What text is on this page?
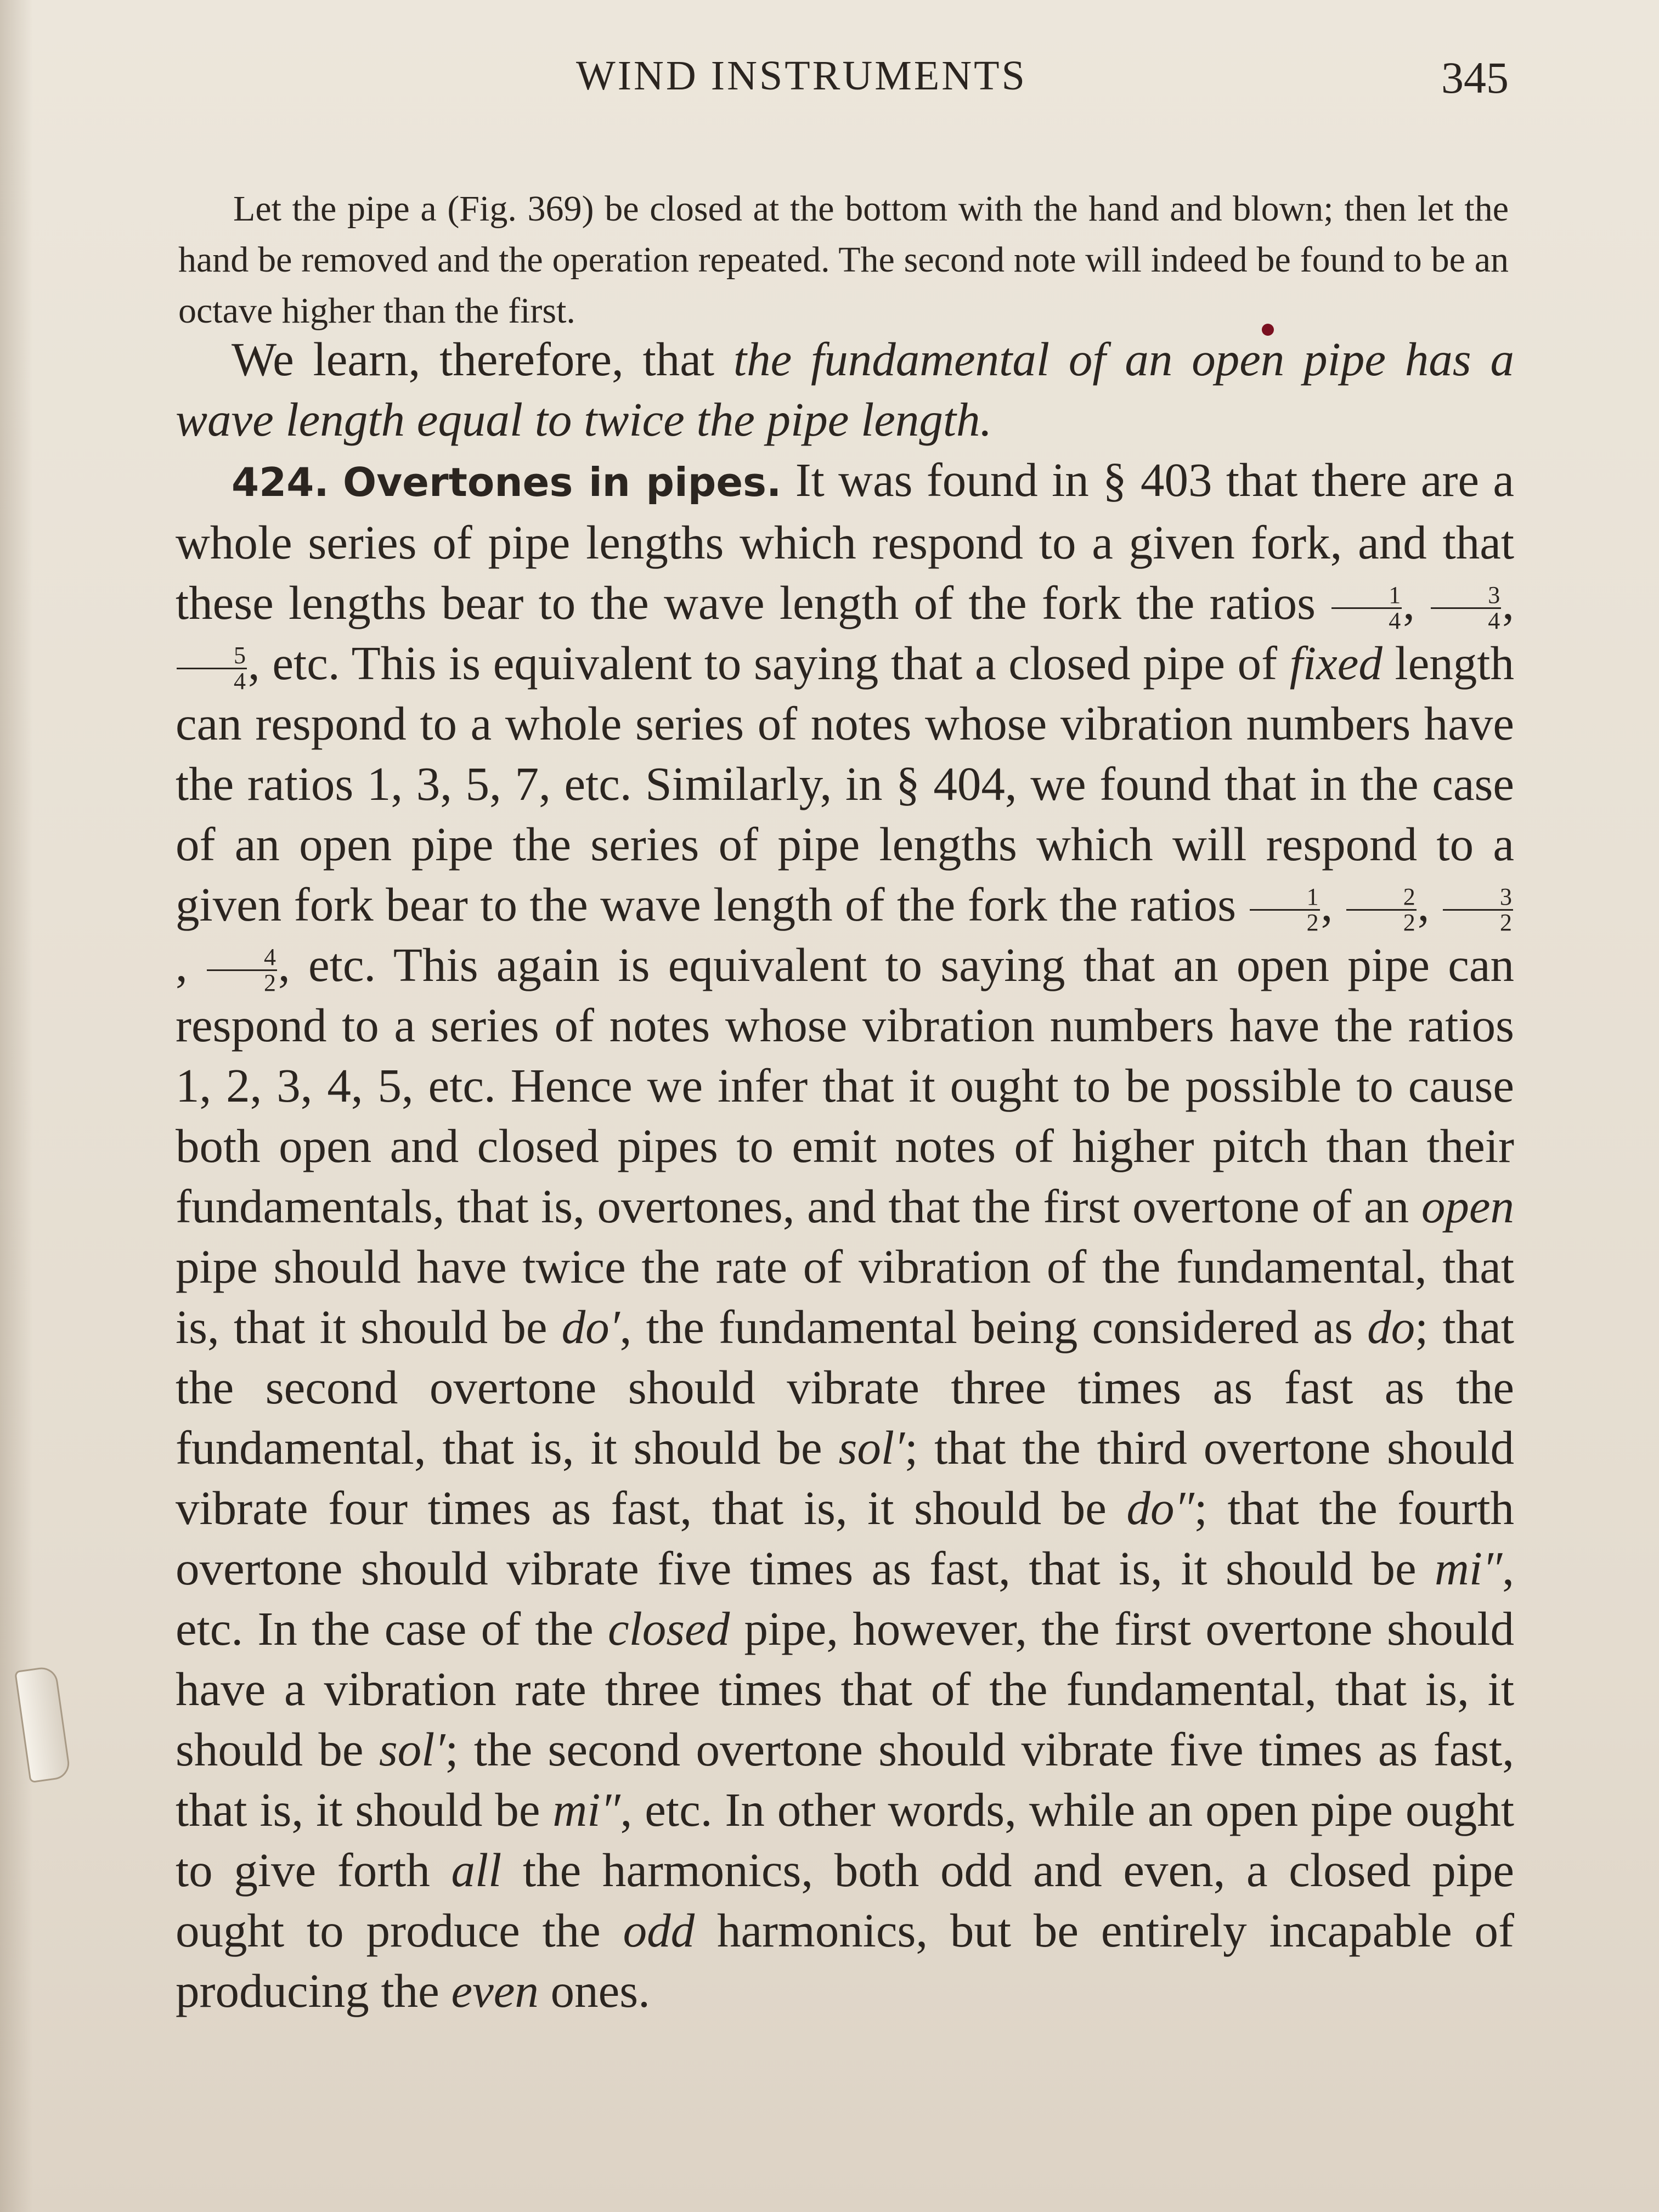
WIND INSTRUMENTS	345

Let the pipe a (Fig. 369) be closed at the bottom with the hand and blown; then let the hand be removed and the operation repeated. The second note will indeed be found to be an octave higher than the first.

We learn, therefore, that the fundamental of an open pipe has a wave length equal to twice the pipe length.

424. Overtones in pipes. It was found in § 403 that there are a whole series of pipe lengths which respond to a given fork, and that these lengths bear to the wave length of the fork the ratios $\frac{1}{4}$ , $\frac{3}{4}$ ,
$\frac{5}{4}$ , etc. This is equivalent to saying that a closed pipe of fixed length can respond to a whole series of notes whose vibration numbers have the ratios 1, 3, 5, 7, etc. Similarly, in § 404, we found that in the case of an open pipe the series of pipe lengths which will respond to a given fork bear to the wave length of the fork the ratios $\frac{1}{2}$ , $\frac{2}{2}$ , $\frac{3}{2}$
, $\frac{4}{2}$ , etc. This again is equivalent to saying that an open pipe can respond to a series of notes whose vibration numbers have the ratios 1, 2, 3, 4, 5, etc. Hence we infer that it ought to be possible to cause both open and closed pipes to emit notes of higher pitch than their fundamentals, that is, overtones, and that the first overtone of an open pipe should have twice the rate of vibration of the fundamental, that is, that it should be do′, the fundamental being considered as do; that the second overtone should vibrate three times as fast as the fundamental, that is, it should be sol′; that the third overtone should vibrate four times as fast, that is, it should be do″; that the fourth overtone should vibrate five times as fast, that is, it should be mi″, etc. In the case of the closed pipe, however, the first overtone should have a vibration rate three times that of the fundamental, that is, it should be sol′; the second overtone should vibrate five times as fast, that is, it should be mi″, etc. In other words, while an open pipe ought to give forth all the harmonics, both odd and even, a closed pipe ought to produce the odd harmonics, but be entirely incapable of producing the even ones.
